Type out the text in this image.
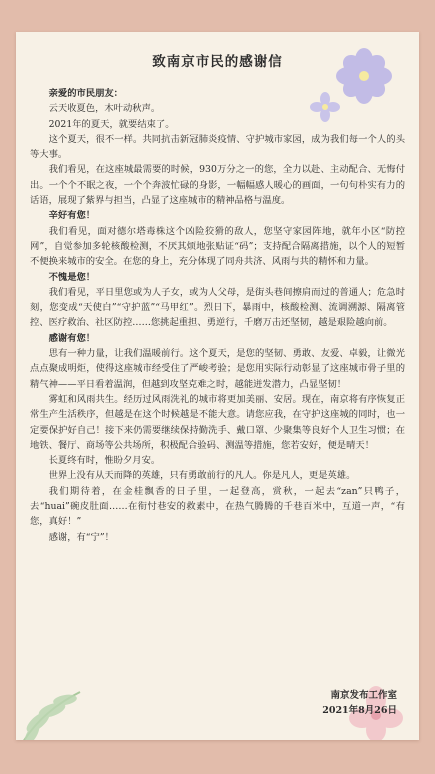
致南京市民的感谢信

亲爱的市民朋友：

云天收夏色，木叶动秋声。

2021年的夏天，就要结束了。

这个夏天，很不一样。共同抗击新冠肺炎疫情、守护城市家园，成为我们每一个人的头等大事。

我们看见，在这座城最需要的时候，930万分之一的您，全力以赴、主动配合、无悔付出。一个个不眠之夜，一个个奔波忙碌的身影，一幅幅感人暖心的画面，一句句朴实有力的话语，展现了紫界与担当，凸显了这座城市的精神品格与温度。

辛好有您！

我们看见，面对德尔塔毒株这个凶险狡猾的敌人，您坚守家园阵地，就年小区“防控网”，自觉参加多轮核酸检测，不厌其烦地张贴证“码”；支持配合隔离措施，以个人的短暂不便换来城市的安全。在您的身上，充分体现了同舟共济、风雨与共的精怀和力量。

不愧是您！

我们看见，平日里您或为人子女，或为人父母，是街头巷间擦肩而过的普通人；危急时刻，您变成“天使白”“守护蓝”“马甲红”。烈日下，暴雨中，核酸检测、流调溯源、隔离管控、医疗救治、社区防控……您挑起重担、勇逆行，千磨万击还坚韧，越是艰险越向前。

感谢有您！

思有一种力量，让我们温暖前行。这个夏天，是您的坚韧、勇敢、友爱、卓毅，让微光点点聚成明炬，使得这座城市经受住了严峻考验；是您用实际行动彰显了这座城市骨子里的精气神——平日看着温润，但越到攻坚克难之时，越能迸发潜力，凸显坚韧！

雾虹和风雨共生。经历过风雨洗礼的城市将更加美丽、安居。现在，南京将有序恢复正常生产生活秩序，但越是在这个时候越是不能大意。请您应我，在守护这座城的同时，也一定要保护好自己！接下来仍需要继续保持勤洗手、戴口罩、少聚集等良好个人卫生习惯；在地铁、餐厅、商场等公共场所，积极配合验码、测温等措施，您若安好，便是晴天！

长夏终有时，惟盼夕月安。

世界上没有从天而降的英雄，只有勇敢前行的凡人。你是凡人，更是英雄。

我们期待着，在金桂飘香的日子里，一起登高，赏秋，一起去“zan”只鸭子，去“huai”碗皮肚面……在衔忖巷安的救素中，在热气腾腾的千巷百米中，互道一声，“有您，真好！”

感谢，有“宁”！

南京发布工作室
2021年8月26日
